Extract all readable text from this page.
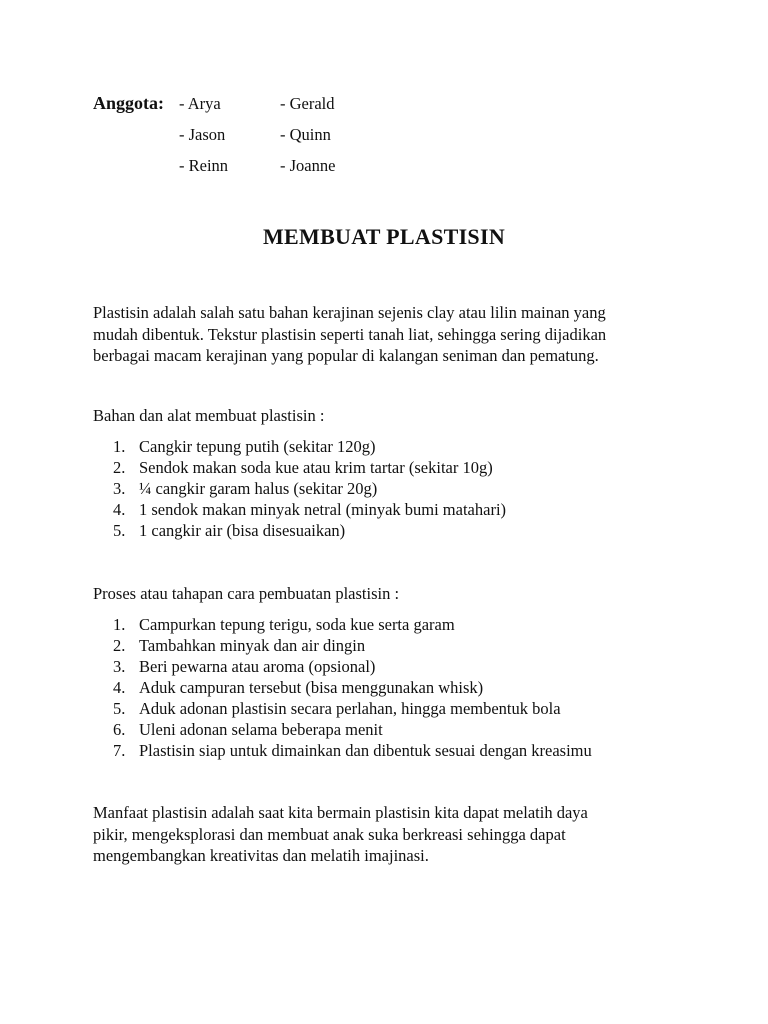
Anggota: - Arya
- Jason
- Reinn
- Gerald
- Quinn
- Joanne
MEMBUAT PLASTISIN
Plastisin adalah salah satu bahan kerajinan sejenis clay atau lilin mainan yang
mudah dibentuk. Tekstur plastisin seperti tanah liat, sehingga sering dijadikan
berbagai macam kerajinan yang popular di kalangan seniman dan pematung.
Bahan dan alat membuat plastisin :
1. Cangkir tepung putih (sekitar 120g)
2. Sendok makan soda kue atau krim tartar (sekitar 10g)
3. ¼ cangkir garam halus (sekitar 20g)
4. 1 sendok makan minyak netral (minyak bumi matahari)
5. 1 cangkir air (bisa disesuaikan)
Proses atau tahapan cara pembuatan plastisin :
1. Campurkan tepung terigu, soda kue serta garam
2. Tambahkan minyak dan air dingin
3. Beri pewarna atau aroma (opsional)
4. Aduk campuran tersebut (bisa menggunakan whisk)
5. Aduk adonan plastisin secara perlahan, hingga membentuk bola
6. Uleni adonan selama beberapa menit
7. Plastisin siap untuk dimainkan dan dibentuk sesuai dengan kreasimu
Manfaat plastisin adalah saat kita bermain plastisin kita dapat melatih daya
pikir, mengeksplorasi dan membuat anak suka berkreasi sehingga dapat
mengembangkan kreativitas dan melatih imajinasi.
